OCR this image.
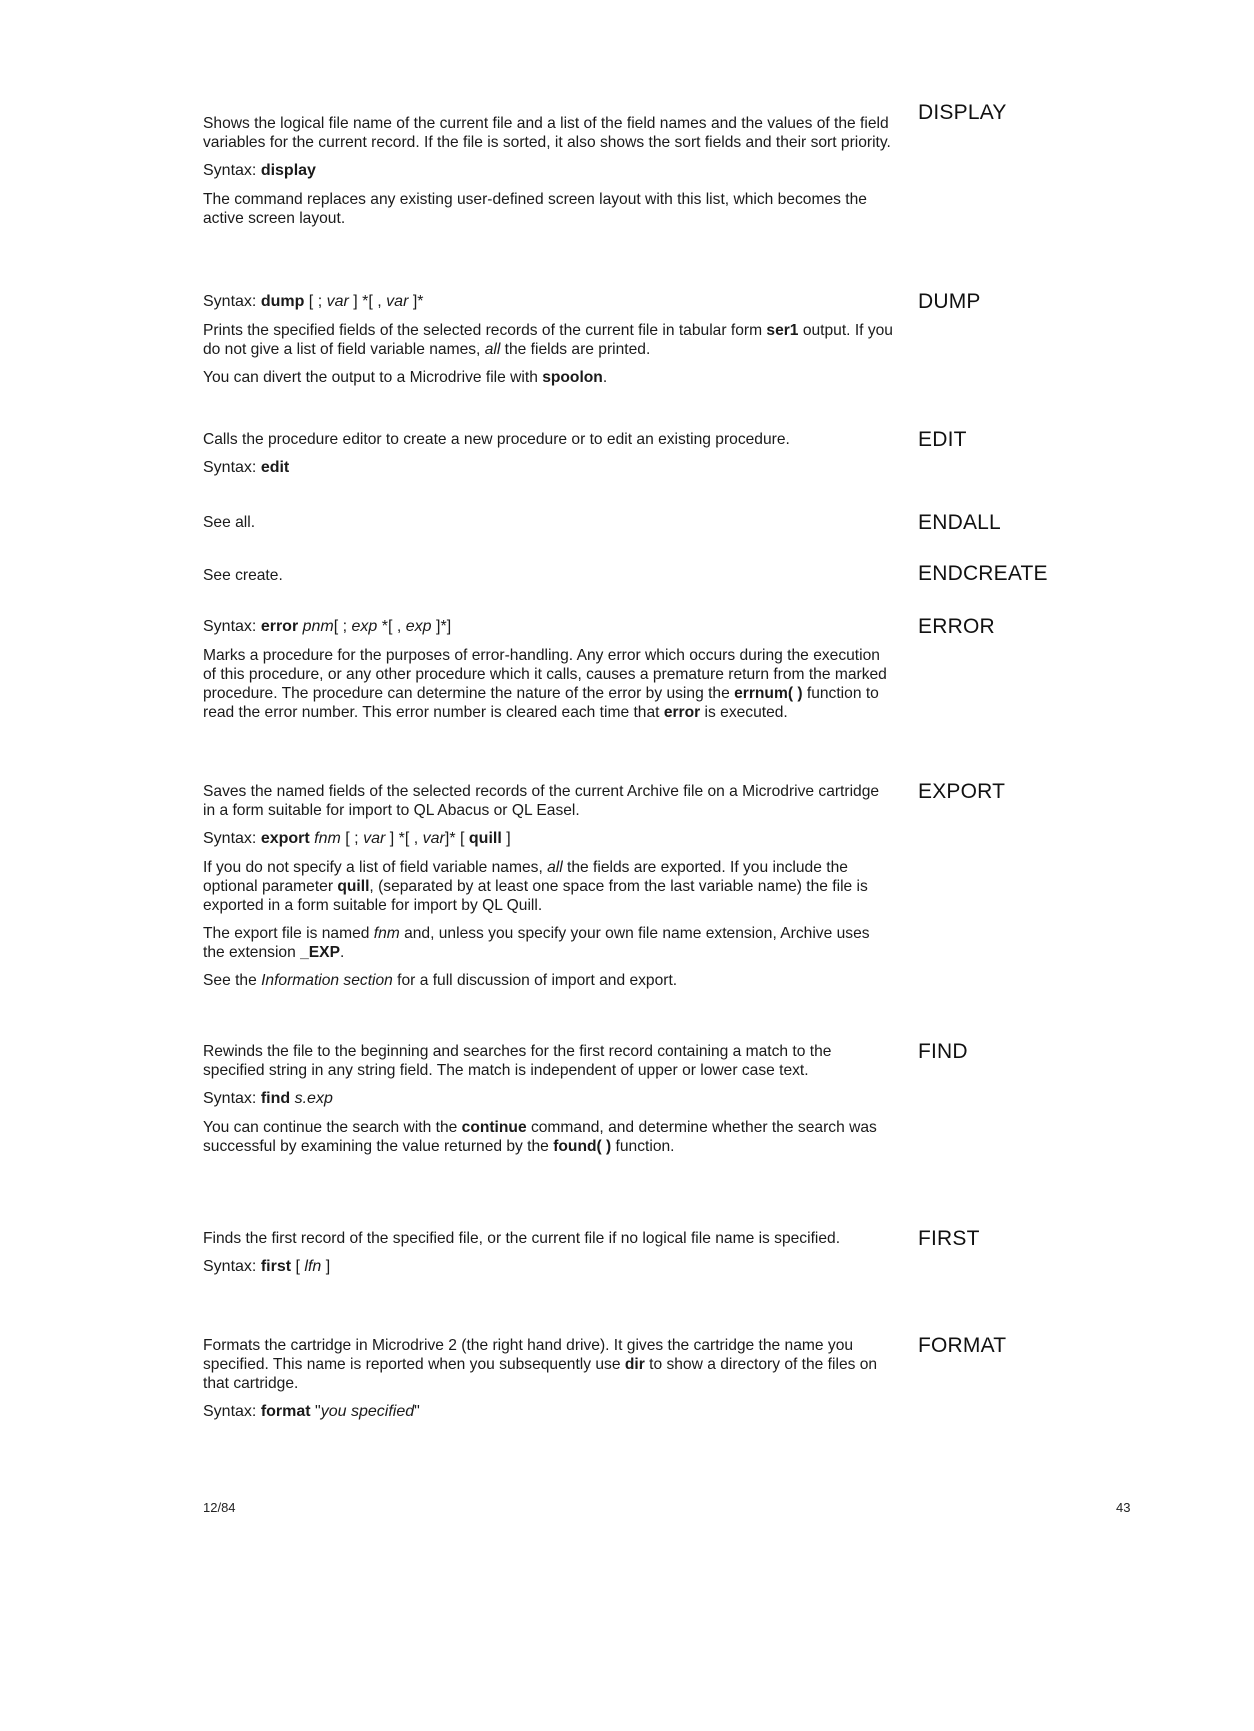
DISPLAY

Shows the logical file name of the current file and a list of the field names and the values of the field variables for the current record. If the file is sorted, it also shows the sort fields and their sort priority.

Syntax: display

The command replaces any existing user-defined screen layout with this list, which becomes the active screen layout.

DUMP

Syntax: dump [ ; var ] *[ , var ]*

Prints the specified fields of the selected records of the current file in tabular form ser1 output. If you do not give a list of field variable names, all the fields are printed.

You can divert the output to a Microdrive file with spoolon.

EDIT

Calls the procedure editor to create a new procedure or to edit an existing procedure.

Syntax: edit

ENDALL

See all.

ENDCREATE

See create.

ERROR

Syntax: error pnm[ ; exp *[ , exp ]*]

Marks a procedure for the purposes of error-handling. Any error which occurs during the execution of this procedure, or any other procedure which it calls, causes a premature return from the marked procedure. The procedure can determine the nature of the error by using the errnum( ) function to read the error number. This error number is cleared each time that error is executed.

EXPORT

Saves the named fields of the selected records of the current Archive file on a Microdrive cartridge in a form suitable for import to QL Abacus or QL Easel.

Syntax: export fnm [ ; var ] *[ , var]* [ quill ]

If you do not specify a list of field variable names, all the fields are exported. If you include the optional parameter quill, (separated by at least one space from the last variable name) the file is exported in a form suitable for import by QL Quill.

The export file is named fnm and, unless you specify your own file name extension, Archive uses the extension _EXP.

See the Information section for a full discussion of import and export.

FIND

Rewinds the file to the beginning and searches for the first record containing a match to the specified string in any string field. The match is independent of upper or lower case text.

Syntax: find s.exp

You can continue the search with the continue command, and determine whether the search was successful by examining the value returned by the found( ) function.

FIRST

Finds the first record of the specified file, or the current file if no logical file name is specified.

Syntax: first [ lfn ]

FORMAT

Formats the cartridge in Microdrive 2 (the right hand drive). It gives the cartridge the name you specified. This name is reported when you subsequently use dir to show a directory of the files on that cartridge.

Syntax: format "you specified"

12/84	43
